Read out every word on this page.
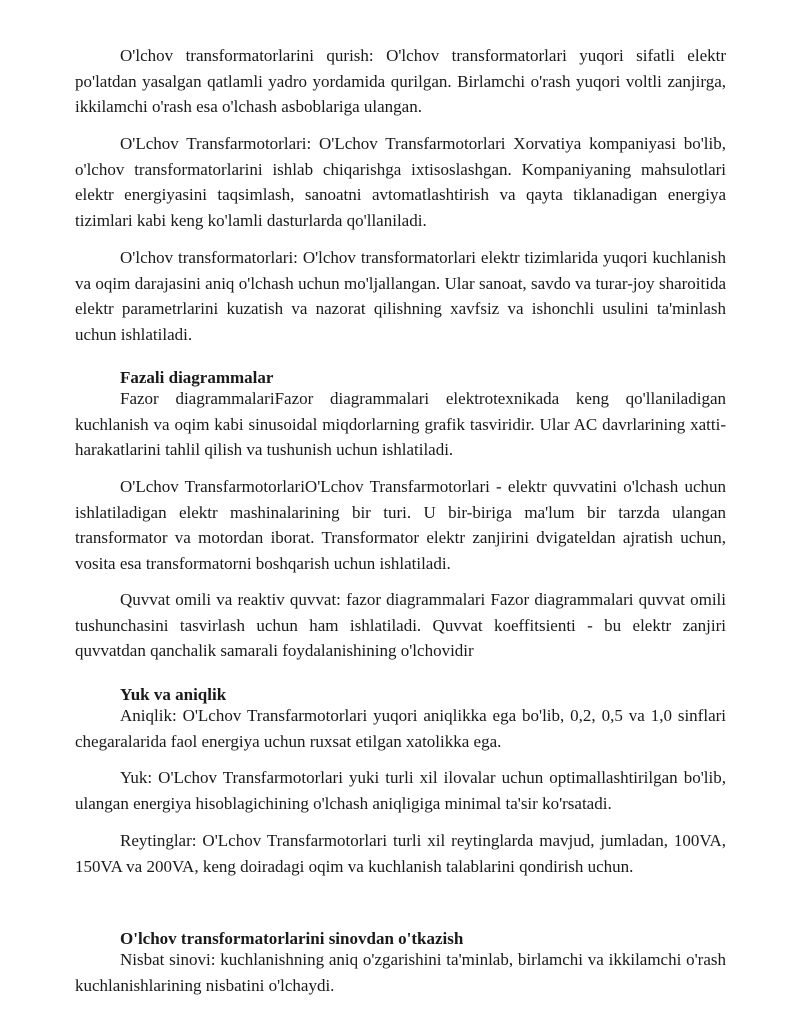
O'lchov transformatorlarini qurish: O'lchov transformatorlari yuqori sifatli elektr po'latdan yasalgan qatlamli yadro yordamida qurilgan. Birlamchi o'rash yuqori voltli zanjirga, ikkilamchi o'rash esa o'lchash asboblariga ulangan.

O'Lchov Transfarmotorlari: O'Lchov Transfarmotorlari Xorvatiya kompaniyasi bo'lib, o'lchov transformatorlarini ishlab chiqarishga ixtisoslashgan. Kompaniyaning mahsulotlari elektr energiyasini taqsimlash, sanoatni avtomatlashtirish va qayta tiklanadigan energiya tizimlari kabi keng ko'lamli dasturlarda qo'llaniladi.

O'lchov transformatorlari: O'lchov transformatorlari elektr tizimlarida yuqori kuchlanish va oqim darajasini aniq o'lchash uchun mo'ljallangan. Ular sanoat, savdo va turar-joy sharoitida elektr parametrlarini kuzatish va nazorat qilishning xavfsiz va ishonchli usulini ta'minlash uchun ishlatiladi.

Fazali diagrammalar

Fazor diagrammalariFazor diagrammalari elektrotexnikada keng qo'llaniladigan kuchlanish va oqim kabi sinusoidal miqdorlarning grafik tasviridir. Ular AC davrlarining xatti-harakatlarini tahlil qilish va tushunish uchun ishlatiladi.

O'Lchov TransfarmotorlariO'Lchov Transfarmotorlari - elektr quvvatini o'lchash uchun ishlatiladigan elektr mashinalarining bir turi. U bir-biriga ma'lum bir tarzda ulangan transformator va motordan iborat. Transformator elektr zanjirini dvigateldan ajratish uchun, vosita esa transformatorni boshqarish uchun ishlatiladi.

Quvvat omili va reaktiv quvvat: fazor diagrammalari Fazor diagrammalari quvvat omili tushunchasini tasvirlash uchun ham ishlatiladi. Quvvat koeffitsienti - bu elektr zanjiri quvvatdan qanchalik samarali foydalanishining o'lchovidir

Yuk va aniqlik

Aniqlik: O'Lchov Transfarmotorlari yuqori aniqlikka ega bo'lib, 0,2, 0,5 va 1,0 sinflari chegaralarida faol energiya uchun ruxsat etilgan xatolikka ega.

Yuk: O'Lchov Transfarmotorlari yuki turli xil ilovalar uchun optimallashtirilgan bo'lib, ulangan energiya hisoblagichining o'lchash aniqligiga minimal ta'sir ko'rsatadi.

Reytinglar: O'Lchov Transfarmotorlari turli xil reytinglarda mavjud, jumladan, 100VA, 150VA va 200VA, keng doiradagi oqim va kuchlanish talablarini qondirish uchun.

O'lchov transformatorlarini sinovdan o'tkazish

Nisbat sinovi: kuchlanishning aniq o'zgarishini ta'minlab, birlamchi va ikkilamchi o'rash kuchlanishlarining nisbatini o'lchaydi.
